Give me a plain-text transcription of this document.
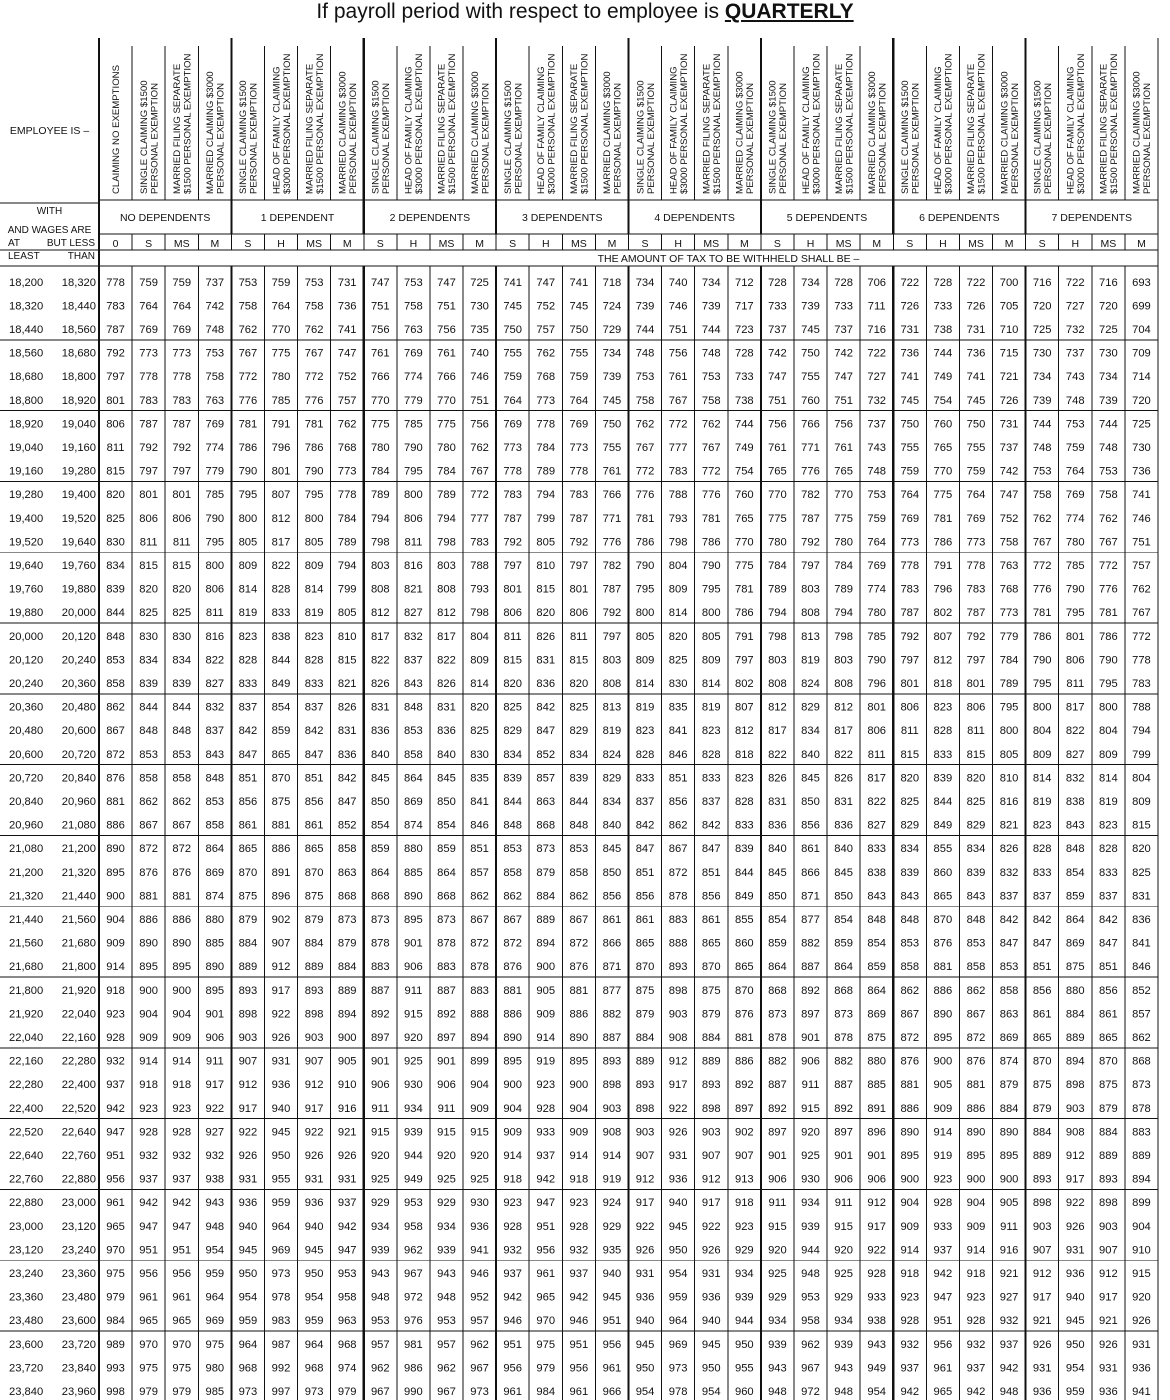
If payroll period with respect to employee is QUARTERLY
EMPLOYEE IS –
WITH
AND WAGES ARE
AT
LEAST
BUT LESS
THAN
CLAIMING NO EXEMPTIONS
0
SINGLE CLAIMING $1500 PERSONAL EXEMPTION
S
MARRIED FILING SEPARATE $1500 PERSONAL EXEMPTION
MS
MARRIED CLAIMING $3000 PERSONAL EXEMPTION
M
NO DEPENDENTS
SINGLE CLAIMING $1500 PERSONAL EXEMPTION
S
HEAD OF FAMILY CLAIMING $3000 PERSONAL EXEMPTION
H
MARRIED FILING SEPARATE $1500 PERSONAL EXEMPTION
MS
MARRIED CLAIMING $3000 PERSONAL EXEMPTION
M
1 DEPENDENT
SINGLE CLAIMING $1500 PERSONAL EXEMPTION
S
HEAD OF FAMILY CLAIMING $3000 PERSONAL EXEMPTION
H
MARRIED FILING SEPARATE $1500 PERSONAL EXEMPTION
MS
MARRIED CLAIMING $3000 PERSONAL EXEMPTION
M
2 DEPENDENTS
SINGLE CLAIMING $1500 PERSONAL EXEMPTION
S
HEAD OF FAMILY CLAIMING $3000 PERSONAL EXEMPTION
H
MARRIED FILING SEPARATE $1500 PERSONAL EXEMPTION
MS
MARRIED CLAIMING $3000 PERSONAL EXEMPTION
M
3 DEPENDENTS
SINGLE CLAIMING $1500 PERSONAL EXEMPTION
S
HEAD OF FAMILY CLAIMING $3000 PERSONAL EXEMPTION
H
MARRIED FILING SEPARATE $1500 PERSONAL EXEMPTION
MS
MARRIED CLAIMING $3000 PERSONAL EXEMPTION
M
4 DEPENDENTS
SINGLE CLAIMING $1500 PERSONAL EXEMPTION
S
HEAD OF FAMILY CLAIMING $3000 PERSONAL EXEMPTION
H
MARRIED FILING SEPARATE $1500 PERSONAL EXEMPTION
MS
MARRIED CLAIMING $3000 PERSONAL EXEMPTION
M
5 DEPENDENTS
SINGLE CLAIMING $1500 PERSONAL EXEMPTION
S
HEAD OF FAMILY CLAIMING $3000 PERSONAL EXEMPTION
H
MARRIED FILING SEPARATE $1500 PERSONAL EXEMPTION
MS
MARRIED CLAIMING $3000 PERSONAL EXEMPTION
M
6 DEPENDENTS
SINGLE CLAIMING $1500 PERSONAL EXEMPTION
S
HEAD OF FAMILY CLAIMING $3000 PERSONAL EXEMPTION
H
MARRIED FILING SEPARATE $1500 PERSONAL EXEMPTION
MS
MARRIED CLAIMING $3000 PERSONAL EXEMPTION
M
7 DEPENDENTS
THE AMOUNT OF TAX TO BE WITHHELD SHALL BE –
18,200 18,320 778 759 759 737 753 759 753 731 747 753 747 725 741 747 741 718 734 740 734 712 728 734 728 706 722 728 722 700 716 722 716 693
18,320 18,440 783 764 764 742 758 764 758 736 751 758 751 730 745 752 745 724 739 746 739 717 733 739 733 711 726 733 726 705 720 727 720 699
18,440 18,560 787 769 769 748 762 770 762 741 756 763 756 735 750 757 750 729 744 751 744 723 737 745 737 716 731 738 731 710 725 732 725 704
18,560 18,680 792 773 773 753 767 775 767 747 761 769 761 740 755 762 755 734 748 756 748 728 742 750 742 722 736 744 736 715 730 737 730 709
18,680 18,800 797 778 778 758 772 780 772 752 766 774 766 746 759 768 759 739 753 761 753 733 747 755 747 727 741 749 741 721 734 743 734 714
18,800 18,920 801 783 783 763 776 785 776 757 770 779 770 751 764 773 764 745 758 767 758 738 751 760 751 732 745 754 745 726 739 748 739 720
18,920 19,040 806 787 787 769 781 791 781 762 775 785 775 756 769 778 769 750 762 772 762 744 756 766 756 737 750 760 750 731 744 753 744 725
19,040 19,160 811 792 792 774 786 796 786 768 780 790 780 762 773 784 773 755 767 777 767 749 761 771 761 743 755 765 755 737 748 759 748 730
19,160 19,280 815 797 797 779 790 801 790 773 784 795 784 767 778 789 778 761 772 783 772 754 765 776 765 748 759 770 759 742 753 764 753 736
19,280 19,400 820 801 801 785 795 807 795 778 789 800 789 772 783 794 783 766 776 788 776 760 770 782 770 753 764 775 764 747 758 769 758 741
19,400 19,520 825 806 806 790 800 812 800 784 794 806 794 777 787 799 787 771 781 793 781 765 775 787 775 759 769 781 769 752 762 774 762 746
19,520 19,640 830 811 811 795 805 817 805 789 798 811 798 783 792 805 792 776 786 798 786 770 780 792 780 764 773 786 773 758 767 780 767 751
19,640 19,760 834 815 815 800 809 822 809 794 803 816 803 788 797 810 797 782 790 804 790 775 784 797 784 769 778 791 778 763 772 785 772 757
19,760 19,880 839 820 820 806 814 828 814 799 808 821 808 793 801 815 801 787 795 809 795 781 789 803 789 774 783 796 783 768 776 790 776 762
19,880 20,000 844 825 825 811 819 833 819 805 812 827 812 798 806 820 806 792 800 814 800 786 794 808 794 780 787 802 787 773 781 795 781 767
20,000 20,120 848 830 830 816 823 838 823 810 817 832 817 804 811 826 811 797 805 820 805 791 798 813 798 785 792 807 792 779 786 801 786 772
20,120 20,240 853 834 834 822 828 844 828 815 822 837 822 809 815 831 815 803 809 825 809 797 803 819 803 790 797 812 797 784 790 806 790 778
20,240 20,360 858 839 839 827 833 849 833 821 826 843 826 814 820 836 820 808 814 830 814 802 808 824 808 796 801 818 801 789 795 811 795 783
20,360 20,480 862 844 844 832 837 854 837 826 831 848 831 820 825 842 825 813 819 835 819 807 812 829 812 801 806 823 806 795 800 817 800 788
20,480 20,600 867 848 848 837 842 859 842 831 836 853 836 825 829 847 829 819 823 841 823 812 817 834 817 806 811 828 811 800 804 822 804 794
20,600 20,720 872 853 853 843 847 865 847 836 840 858 840 830 834 852 834 824 828 846 828 818 822 840 822 811 815 833 815 805 809 827 809 799
20,720 20,840 876 858 858 848 851 870 851 842 845 864 845 835 839 857 839 829 833 851 833 823 826 845 826 817 820 839 820 810 814 832 814 804
20,840 20,960 881 862 862 853 856 875 856 847 850 869 850 841 844 863 844 834 837 856 837 828 831 850 831 822 825 844 825 816 819 838 819 809
20,960 21,080 886 867 867 858 861 881 861 852 854 874 854 846 848 868 848 840 842 862 842 833 836 856 836 827 829 849 829 821 823 843 823 815
21,080 21,200 890 872 872 864 865 886 865 858 859 880 859 851 853 873 853 845 847 867 847 839 840 861 840 833 834 855 834 826 828 848 828 820
21,200 21,320 895 876 876 869 870 891 870 863 864 885 864 857 858 879 858 850 851 872 851 844 845 866 845 838 839 860 839 832 833 854 833 825
21,320 21,440 900 881 881 874 875 896 875 868 868 890 868 862 862 884 862 856 856 878 856 849 850 871 850 843 843 865 843 837 837 859 837 831
21,440 21,560 904 886 886 880 879 902 879 873 873 895 873 867 867 889 867 861 861 883 861 855 854 877 854 848 848 870 848 842 842 864 842 836
21,560 21,680 909 890 890 885 884 907 884 879 878 901 878 872 872 894 872 866 865 888 865 860 859 882 859 854 853 876 853 847 847 869 847 841
21,680 21,800 914 895 895 890 889 912 889 884 883 906 883 878 876 900 876 871 870 893 870 865 864 887 864 859 858 881 858 853 851 875 851 846
21,800 21,920 918 900 900 895 893 917 893 889 887 911 887 883 881 905 881 877 875 898 875 870 868 892 868 864 862 886 862 858 856 880 856 852
21,920 22,040 923 904 904 901 898 922 898 894 892 915 892 888 886 909 886 882 879 903 879 876 873 897 873 869 867 890 867 863 861 884 861 857
22,040 22,160 928 909 909 906 903 926 903 900 897 920 897 894 890 914 890 887 884 908 884 881 878 901 878 875 872 895 872 869 865 889 865 862
22,160 22,280 932 914 914 911 907 931 907 905 901 925 901 899 895 919 895 893 889 912 889 886 882 906 882 880 876 900 876 874 870 894 870 868
22,280 22,400 937 918 918 917 912 936 912 910 906 930 906 904 900 923 900 898 893 917 893 892 887 911 887 885 881 905 881 879 875 898 875 873
22,400 22,520 942 923 923 922 917 940 917 916 911 934 911 909 904 928 904 903 898 922 898 897 892 915 892 891 886 909 886 884 879 903 879 878
22,520 22,640 947 928 928 927 922 945 922 921 915 939 915 915 909 933 909 908 903 926 903 902 897 920 897 896 890 914 890 890 884 908 884 883
22,640 22,760 951 932 932 932 926 950 926 926 920 944 920 920 914 937 914 914 907 931 907 907 901 925 901 901 895 919 895 895 889 912 889 889
22,760 22,880 956 937 937 938 931 955 931 931 925 949 925 925 918 942 918 919 912 936 912 913 906 930 906 906 900 923 900 900 893 917 893 894
22,880 23,000 961 942 942 943 936 959 936 937 929 953 929 930 923 947 923 924 917 940 917 918 911 934 911 912 904 928 904 905 898 922 898 899
23,000 23,120 965 947 947 948 940 964 940 942 934 958 934 936 928 951 928 929 922 945 922 923 915 939 915 917 909 933 909 911 903 926 903 904
23,120 23,240 970 951 951 954 945 969 945 947 939 962 939 941 932 956 932 935 926 950 926 929 920 944 920 922 914 937 914 916 907 931 907 910
23,240 23,360 975 956 956 959 950 973 950 953 943 967 943 946 937 961 937 940 931 954 931 934 925 948 925 928 918 942 918 921 912 936 912 915
23,360 23,480 979 961 961 964 954 978 954 958 948 972 948 952 942 965 942 945 936 959 936 939 929 953 929 933 923 947 923 927 917 940 917 920
23,480 23,600 984 965 965 969 959 983 959 963 953 976 953 957 946 970 946 951 940 964 940 944 934 958 934 938 928 951 928 932 921 945 921 926
23,600 23,720 989 970 970 975 964 987 964 968 957 981 957 962 951 975 951 956 945 969 945 950 939 962 939 943 932 956 932 937 926 950 926 931
23,720 23,840 993 975 975 980 968 992 968 974 962 986 962 967 956 979 956 961 950 973 950 955 943 967 943 949 937 961 937 942 931 954 931 936
23,840 23,960 998 979 979 985 973 997 973 979 967 990 967 973 961 984 961 966 954 978 954 960 948 972 948 954 942 965 942 948 936 959 936 941
